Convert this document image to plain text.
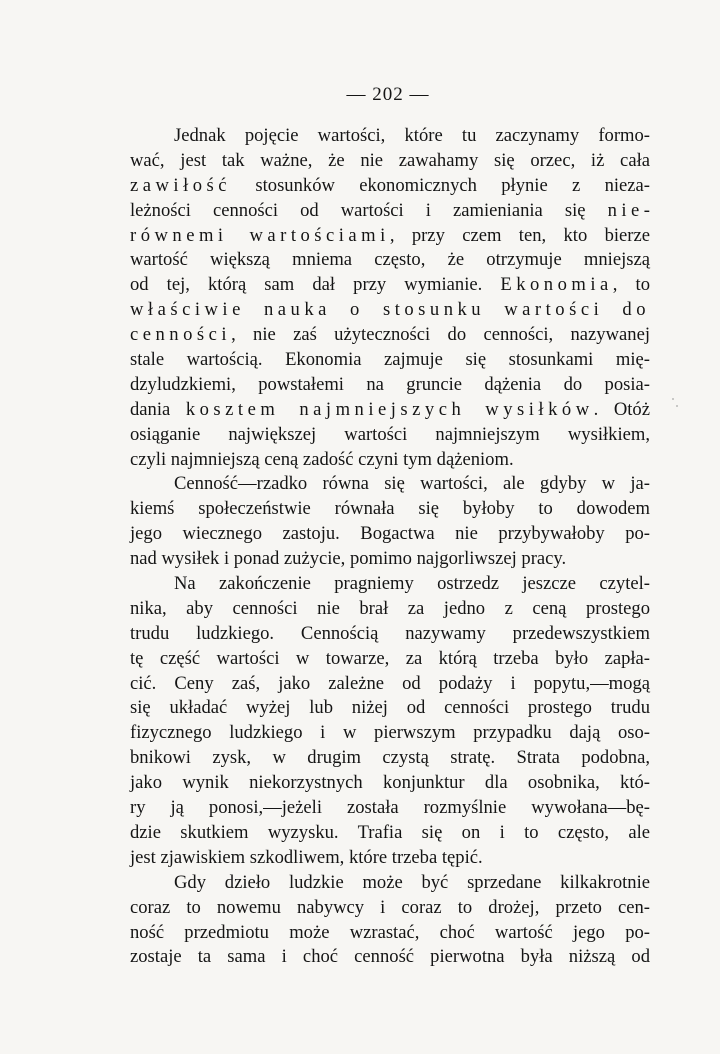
— 202 —
Jednak pojęcie wartości, które tu zaczynamy formo-
wać, jest tak ważne, że nie zawahamy się orzec, iż cała
zawiłość stosunków ekonomicznych płynie z nieza-
leżności cenności od wartości i zamieniania się nie-
równemi wartościami, przy czem ten, kto bierze
wartość większą mniema często, że otrzymuje mniejszą
od tej, którą sam dał przy wymianie. Ekonomia, to
właściwie nauka o stosunku wartości do
cenności, nie zaś użyteczności do cenności, nazywanej
stale wartością. Ekonomia zajmuje się stosunkami mię-
dzyludzkiemi, powstałemi na gruncie dążenia do posia-
dania kosztem najmniejszych wysiłków. Otóż
osiąganie największej wartości najmniejszym wysiłkiem,
czyli najmniejszą ceną zadość czyni tym dążeniom.
Cenność—rzadko równa się wartości, ale gdyby w ja-
kiemś społeczeństwie równała się byłoby to dowodem
jego wiecznego zastoju. Bogactwa nie przybywałoby po-
nad wysiłek i ponad zużycie, pomimo najgorliwszej pracy.
Na zakończenie pragniemy ostrzedz jeszcze czytel-
nika, aby cenności nie brał za jedno z ceną prostego
trudu ludzkiego. Cennością nazywamy przedewszystkiem
tę część wartości w towarze, za którą trzeba było zapła-
cić. Ceny zaś, jako zależne od podaży i popytu,—mogą
się układać wyżej lub niżej od cenności prostego trudu
fizycznego ludzkiego i w pierwszym przypadku dają oso-
bnikowi zysk, w drugim czystą stratę. Strata podobna,
jako wynik niekorzystnych konjunktur dla osobnika, któ-
ry ją ponosi,—jeżeli została rozmyślnie wywołana—bę-
dzie skutkiem wyzysku. Trafia się on i to często, ale
jest zjawiskiem szkodliwem, które trzeba tępić.
Gdy dzieło ludzkie może być sprzedane kilkakrotnie
coraz to nowemu nabywcy i coraz to drożej, przeto cen-
ność przedmiotu może wzrastać, choć wartość jego po-
zostaje ta sama i choć cenność pierwotna była niższą od
